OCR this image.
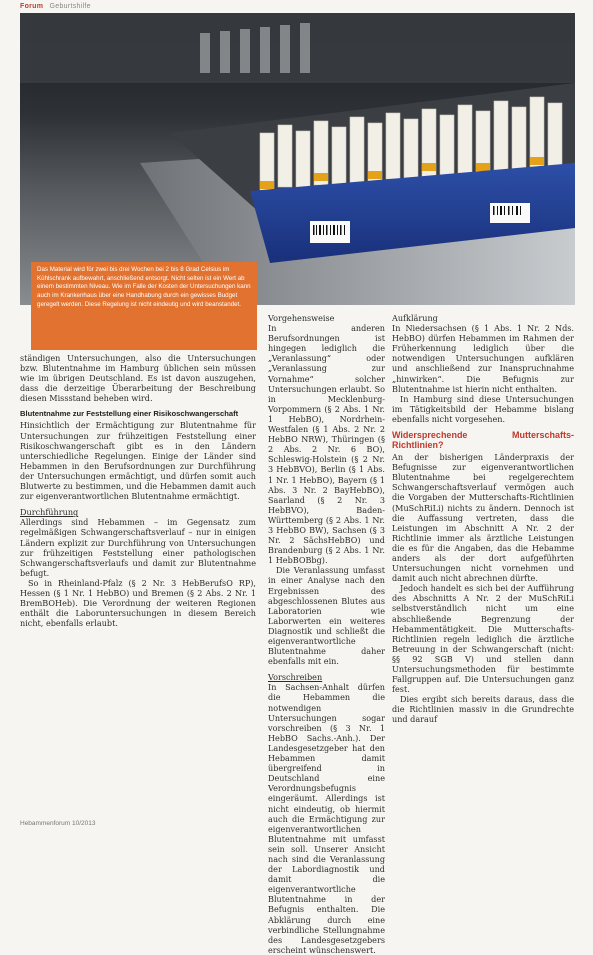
Forum Geburtshilfe
Das Material wird für zwei bis drei Wochen bei 2 bis 8 Grad Celsius im Kühlschrank aufbewahrt, anschließend entsorgt. Nicht selten ist ein Wert ab einem bestimmten Niveau. Wie im Falle der Kosten der Untersuchungen kann auch im Krankenhaus über eine Handhabung durch ein gewisses Budget geregelt werden. Diese Regelung ist nicht eindeutig und wird beanstandet.

ständigen Untersuchungen, also die Untersuchungen bzw. Blutentnahme im Hamburg üblichen sein müssen wie im übrigen Deutschland. Es ist davon auszugehen, dass die derzeitige Überarbeitung der Beschreibung diesen Missstand beheben wird.

Blutentnahme zur Feststellung einer Risikoschwangerschaft

Hinsichtlich der Ermächtigung zur Blutentnahme für Untersuchungen zur frühzeitigen Feststellung einer Risikoschwangerschaft gibt es in den Ländern unterschiedliche Regelungen. Einige der Länder sind Hebammen in den Berufsordnungen zur Durchführung der Untersuchungen ermächtigt, und dürfen somit auch Blutwerte zu bestimmen, und die Hebammen damit auch zur eigenverantwortlichen Blutentnahme ermächtigt.

Durchführung

Allerdings sind Hebammen – im Gegensatz zum regelmäßigen Schwangerschaftsverlauf – nur in einigen Ländern explizit zur Durchführung von Untersuchungen zur frühzeitigen Feststellung einer pathologischen Schwangerschaftsverlaufs und damit zur Blutentnahme befugt.

So in Rheinland-Pfalz (§ 2 Nr. 3 HebBerufsO RP), Hessen (§ 1 Nr. 1 HebBO) und Bremen (§ 2 Abs. 2 Nr. 1 BremBOHeb). Die Verordnung der weiteren Regionen enthält die Laboruntersuchungen in diesem Bereich nicht, ebenfalls erlaubt.

Vorgehensweise

In anderen Berufsordnungen ist hingegen lediglich die „Veranlassung“ oder „Veranlassung zur Vornahme“ solcher Untersuchungen erlaubt. So in Mecklenburg-Vorpommern (§ 2 Abs. 1 Nr. 1 HebBO), Nordrhein-Westfalen (§ 1 Abs. 2 Nr. 2 HebBO NRW), Thüringen (§ 2 Abs. 2 Nr. 6 BO), Schleswig-Holstein (§ 2 Nr. 3 HebBVO), Berlin (§ 1 Abs. 1 Nr. 1 HebBO), Bayern (§ 1 Abs. 3 Nr. 2 BayHebBO), Saarland (§ 2 Nr. 3 HebBVO), Baden-Württemberg (§ 2 Abs. 1 Nr. 3 HebBO BW), Sachsen (§ 3 Nr. 2 SächsHebBO) und Brandenburg (§ 2 Abs. 1 Nr. 1 HebBOBbg).

Die Veranlassung umfasst in einer Analyse nach den Ergebnissen des abgeschlossenen Blutes aus Laboratorien wie Laborwerten ein weiteres Diagnostik und schließt die eigenverantwortliche Blutentnahme daher ebenfalls mit ein.

Vorschreiben

In Sachsen-Anhalt dürfen die Hebammen die notwendigen Untersuchungen sogar vorschreiben (§ 3 Nr. 1 HebBO Sachs.-Anh.). Der Landesgesetzgeber hat den Hebammen damit übergreifend in Deutschland eine Verordnungsbefugnis eingeräumt. Allerdings ist nicht eindeutig, ob hiermit auch die Ermächtigung zur eigenverantwortlichen Blutentnahme mit umfasst sein soll. Unserer Ansicht nach sind die Veranlassung der Labordiagnostik und damit die eigenverantwortliche Blutentnahme in der Befugnis enthalten. Die Abklärung durch eine verbindliche Stellungnahme des Landesgesetzgebers erscheint wünschenswert.

Aufklärung

In Niedersachsen (§ 1 Abs. 1 Nr. 2 Nds. HebBO) dürfen Hebammen im Rahmen der Früherkennung lediglich über die notwendigen Untersuchungen aufklären und anschließend zur Inanspruchnahme „hinwirken“. Die Befugnis zur Blutentnahme ist hierin nicht enthalten.

In Hamburg sind diese Untersuchungen im Tätigkeitsbild der Hebamme bislang ebenfalls nicht vorgesehen.

Widersprechende Mutterschafts-Richtlinien?

An der bisherigen Länderpraxis der Befugnisse zur eigenverantwortlichen Blutentnahme bei regelgerechtem Schwangerschaftsverlauf vermögen auch die Vorgaben der Mutterschafts-Richtlinien (MuSchRiLi) nichts zu ändern. Dennoch ist die Auffassung vertreten, dass die Leistungen im Abschnitt A Nr. 2 der Richtlinie immer als ärztliche Leistungen die es für die Angaben, das die Hebamme anders als der dort aufgeführten Untersuchungen nicht vornehmen und damit auch nicht abrechnen dürfte.

Jedoch handelt es sich bei der Aufführung des Abschnitts A Nr. 2 der MuSchRiLi selbstverständlich nicht um eine abschließende Begrenzung der Hebammentätigkeit. Die Mutterschafts-Richtlinien regeln lediglich die ärztliche Betreuung in der Schwangerschaft (nicht: §§ 92 SGB V) und stellen dann Untersuchungsmethoden für bestimmte Fallgruppen auf. Die Untersuchungen ganz fest.

Dies ergibt sich bereits daraus, dass die die Richtlinien massiv in die Grundrechte und darauf

Hebammenforum 10/2013
